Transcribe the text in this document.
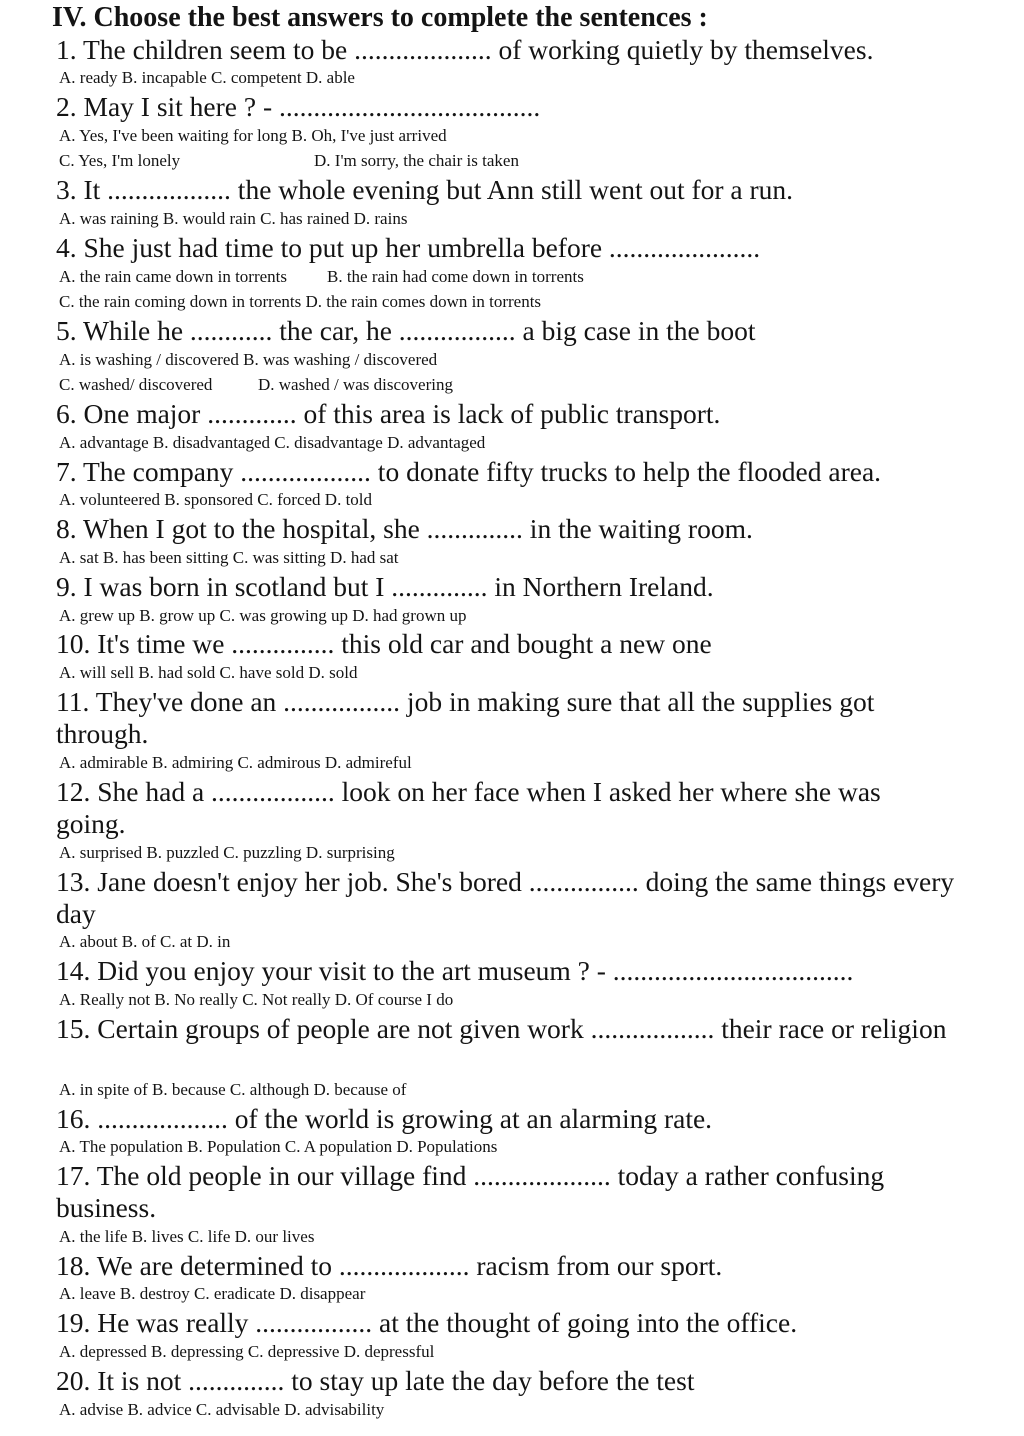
IV. Choose the best answers to complete the sentences :
1. The children seem to be .................... of working quietly by themselves.
A. ready B. incapable C. competent D. able
2. May I sit here ? - ......................................
A. Yes, I've been waiting for long B. Oh, I've just arrived
C. Yes, I'm lonely	D. I'm sorry, the chair is taken
3. It .................. the whole evening but Ann still went out for a run.
A. was raining B. would rain C. has rained D. rains
4. She just had time to put up her umbrella before ......................
A. the rain came down in torrents B. the rain had come down in torrents
C. the rain coming down in torrents D. the rain comes down in torrents
5. While he ............ the car, he ................. a big case in the boot
A. is washing / discovered B. was washing / discovered
C. washed/ discovered	D. washed / was discovering
6. One major ............. of this area is lack of public transport.
A. advantage B. disadvantaged C. disadvantage D. advantaged
7. The company ................... to donate fifty trucks to help the flooded area.
A. volunteered B. sponsored C. forced D. told
8. When I got to the hospital, she .............. in the waiting room.
A. sat B. has been sitting C. was sitting D. had sat
9. I was born in scotland but I .............. in Northern Ireland.
A. grew up B. grow up C. was growing up D. had grown up
10. It's time we ............... this old car and bought a new one
A. will sell B. had sold C. have sold D. sold
11. They've done an ................. job in making sure that all the supplies got through.
A. admirable B. admiring C. admirous D. admireful
12. She had a .................. look on her face when I asked her where she was going.
A. surprised B. puzzled C. puzzling D. surprising
13. Jane doesn't enjoy her job. She's bored ................ doing the same things every day
A. about B. of C. at D. in
14. Did you enjoy your visit to the art museum ? - ...................................
A. Really not B. No really C. Not really D. Of course I do
15. Certain groups of people are not given work .................. their race or religion
A. in spite of B. because C. although D. because of
16. ................... of the world is growing at an alarming rate.
A. The population B. Population C. A population D. Populations
17. The old people in our village find .................... today a rather confusing business.
A. the life B. lives C. life D. our lives
18. We are determined to ................... racism from our sport.
A. leave B. destroy C. eradicate D. disappear
19. He was really ................. at the thought of going into the office.
A. depressed B. depressing C. depressive D. depressful
20. It is not .............. to stay up late the day before the test
A. advise B. advice C. advisable D. advisability
